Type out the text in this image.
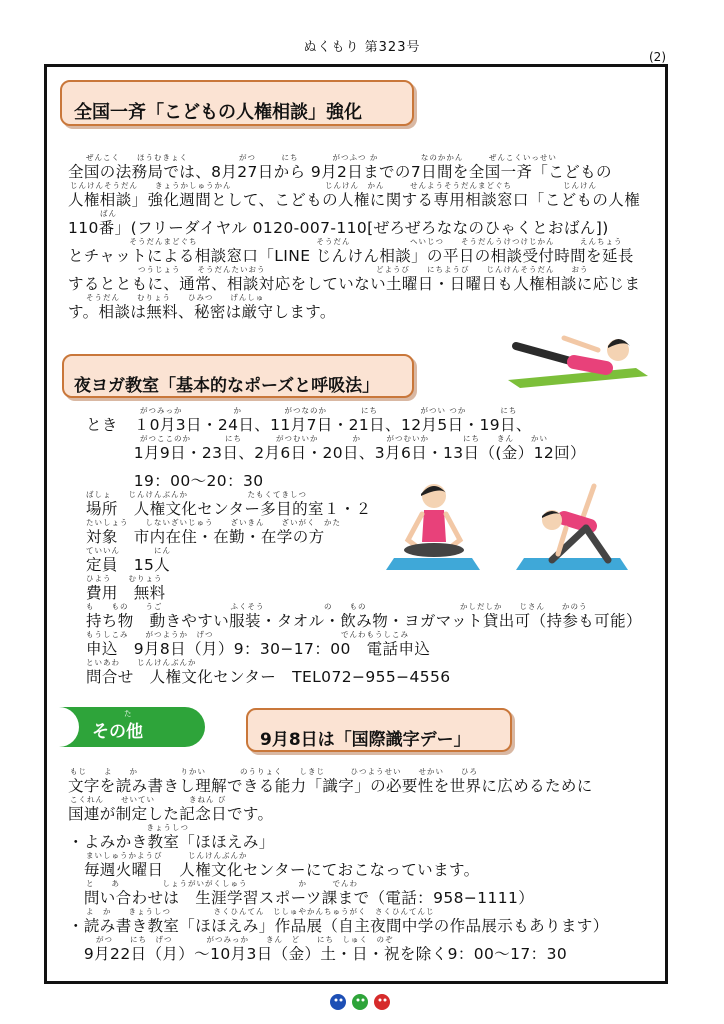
ぬくもり 第323号
(2)
全国一斉「こどもの人権相談」強化
ぜんこく　　ほうむきょく　　　　　　がつ　　　にち　　　　がつふつ か　　　　　なのかかん　　　ぜんこくいっせい
全国の法務局では、8月27日から 9月2日までの7日間を全国一斉「こどもの
じんけんそうだん　　きょうかしゅうかん　　　　　　　　　　　じんけん　かん　　　せんようそうだんまどぐち　　　　　　じんけん
人権相談」強化週間として、こどもの人権に関する専用相談窓口「こどもの人権
ばん
110番」(フリーダイヤル 0120-007-110[ぜろぜろななのひゃくとおばん])
　　　　　　　そうだんまどぐち　　　　　　　　　　　　　　そうだん　　　　　　　へいじつ　　そうだんうけつけじかん　　　えんちょう
とチャットによる相談窓口「LINE じんけん相談」の平日の相談受付時間を延長
　　　　　　　　つうじょう　　そうだんたいおう　　　　　　　　　　　　　どようび　　にちようび　　じんけんそうだん　　おう
するとともに、通常、相談対応をしていない土曜日・日曜日も人権相談に応じま
そうだん　　むりょう　　ひみつ　　げんしゅ
す。相談は無料、秘密は厳守します。
夜ヨガ教室「基本的なポーズと呼吸法」
がつみっか　　　　　　か　　　　　がつなのか　　　　にち　　　　　がつい つか　　　　にち
とき　１0月3日・24日、11月7日・21日、12月5日・19日、
がつここのか　　　　にち　　　　がつむいか　　　　か　　　がつむいか　　　　にち　　きん　　かい
　　　1月9日・23日、2月6日・20日、3月6日・13日（(金）12回）
　　　19：00〜20：30
ばしょ　　じんけんぶんか　　　　　　　たもくてきしつ
場所　人権文化センター多目的室１・２
たいしょう　　しないざいじゅう　　ざいきん　　ざいがく　かた
対象　市内在住・在勤・在学の方
ていいん　　　　にん
定員　15人
ひよう　　むりょう
費用　無料
も　　もの　　うご　　　　　　　　ふくそう　　　　　　　の　　もの　　　　　　　　　　　かしだしか　　じさん　　かのう
持ち物　動きやすい服装・タオル・飲み物・ヨガマット貸出可（持参も可能）
もうしこみ　　がつようか　げつ　　　　　　　　　　　　　　　でんわもうしこみ
申込　9月8日（月）9：30−17：00　電話申込
といあわ　　じんけんぶんか
問合せ　人権文化センター　TEL072−955−4556
た
その他	9月8日は「国際識字デー」
もじ　　よ　　か　　　　　りかい　　　　のうりょく　　しきじ　　　ひつようせい　　せかい　　ひろ
文字を読み書きし理解できる能力「識字」の必要性を世界に広めるために
こくれん　　せいてい　　　　きねん び
国連が制定した記念日です。
　　　　　　　　　きょうしつ
・よみかき教室「ほほえみ」
まいしゅうかようび　　　じんけんぶんか
　毎週火曜日　人権文化センターにておこなっています。
と　　あ　　　　　しょうがいがくしゅう　　　　　　か　　　でんわ
　問い合わせは　生涯学習スポーツ課まで（電話：958−1111）
よ　か　　きょうしつ　　　　　さくひんてん　じしゅやかんちゅうがく　さくひんてんじ
・読み書き教室「ほほえみ」作品展（自主夜間中学の作品展示もあります）
がつ　　にち　げつ　　　　がつみっか　　きん　ど　　にち　しゅく　のぞ
　9月22日（月）〜10月3日（金）土・日・祝を除く9：00〜17：30
